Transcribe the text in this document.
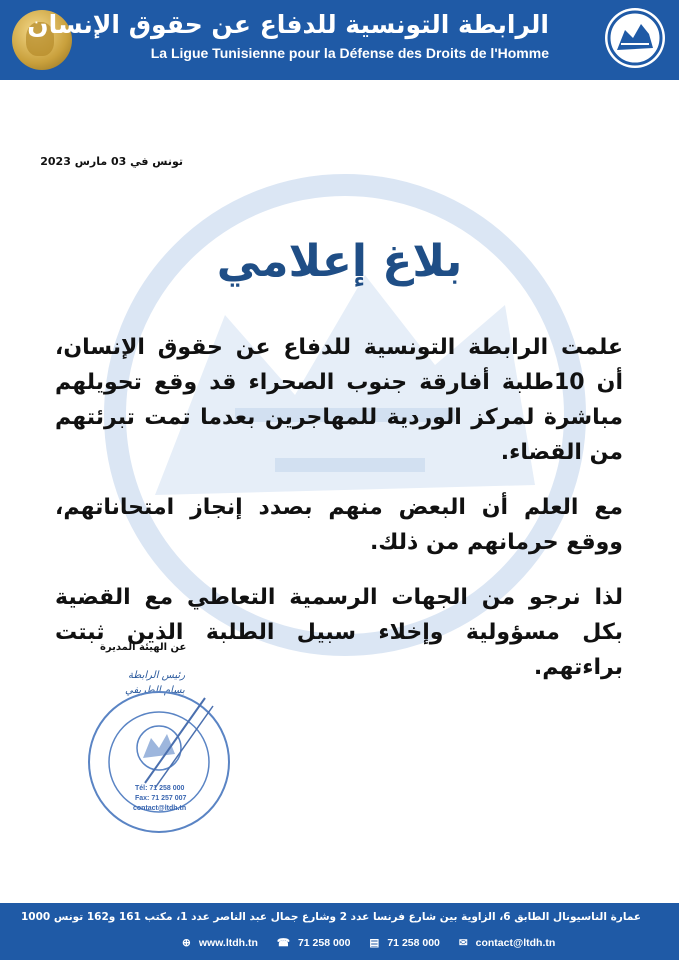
الرابطة التونسية للدفاع عن حقوق الإنسان
La Ligue Tunisienne pour la Défense des Droits de l'Homme
تونس في 03 مارس 2023
بلاغ إعلامي

علمت الرابطة التونسية للدفاع عن حقوق الإنسان، أن 10طلبة أفارقة جنوب الصحراء قد وقع تحويلهم مباشرة لمركز الوردية للمهاجرين بعدما تمت تبرئتهم من القضاء.

مع العلم أن البعض منهم بصدد إنجاز امتحاناتهم، ووقع حرمانهم من ذلك.

لذا نرجو من الجهات الرسمية التعاطي مع القضية بكل مسؤولية وإخلاء سبيل الطلبة الذين ثبتت براءتهم.

عن الهيئة المديرة
رئيس الرابطة
بسام الطريفي
Tél: 71 258 000
Fax: 71 257 007
contact@ltdh.tn
عمارة الناسيونال الطابق 6، الزاوية بين شارع فرنسا عدد 2 وشارع جمال عبد الناصر عدد 1، مكتب 161 و162 تونس 1000
⊕ www.ltdh.tn ☎ 71 258 000 ▤ 71 258 000 ✉ contact@ltdh.tn
